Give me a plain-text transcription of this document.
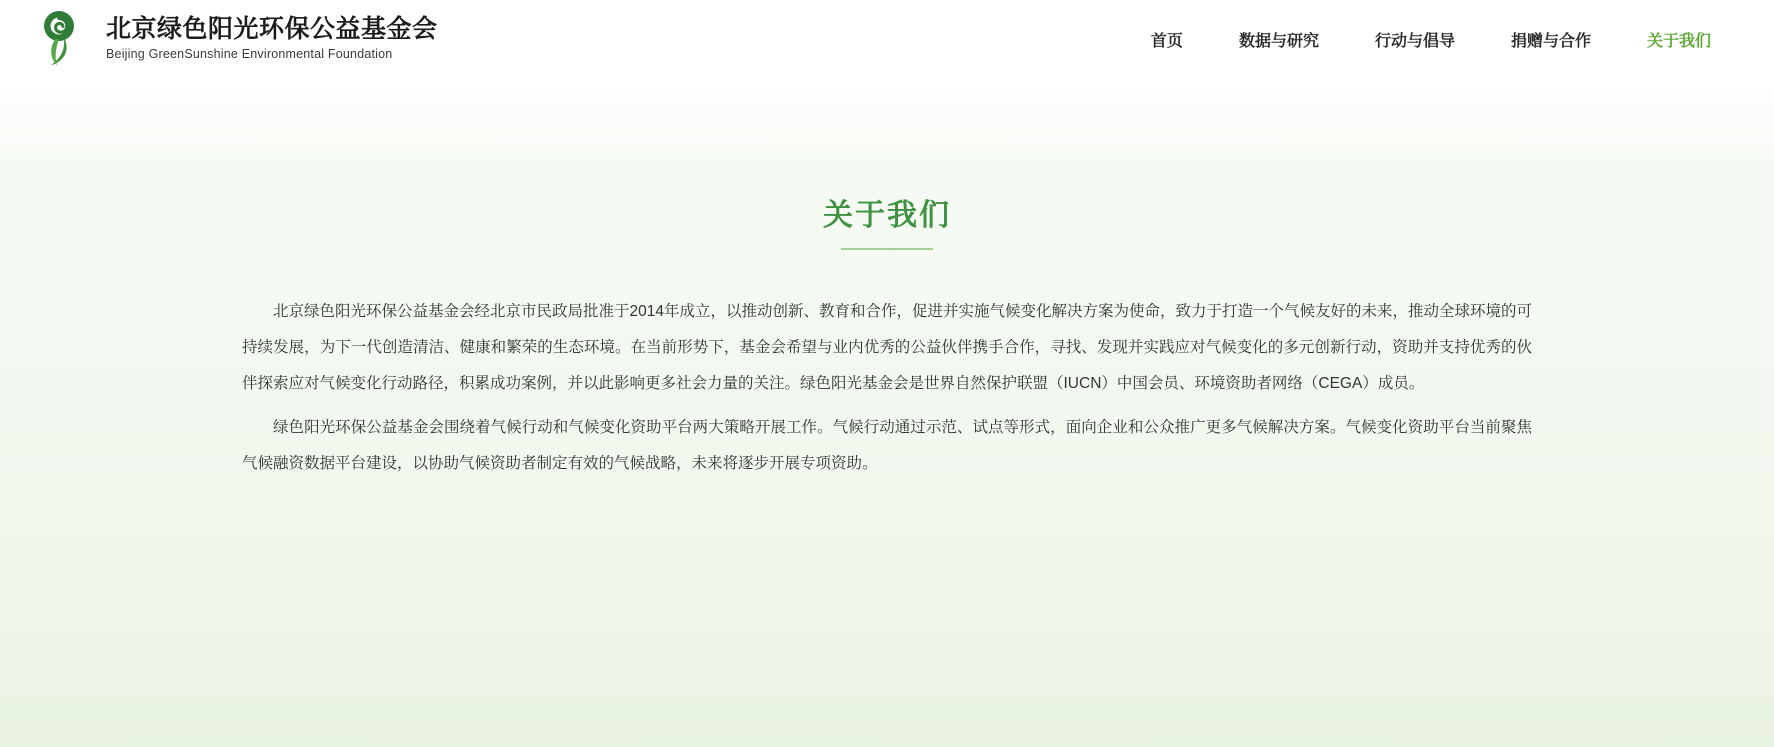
北京绿色阳光环保公益基金会
Beijing GreenSunshine Environmental Foundation
首页	数据与研究	行动与倡导	捐赠与合作	关于我们
关于我们

北京绿色阳光环保公益基金会经北京市民政局批准于2014年成立，以推动创新、教育和合作，促进并实施气候变化解决方案为使命，致力于打造一个气候友好的未来，推动全球环境的可持续发展，为下一代创造清洁、健康和繁荣的生态环境。在当前形势下，基金会希望与业内优秀的公益伙伴携手合作，寻找、发现并实践应对气候变化的多元创新行动，资助并支持优秀的伙伴探索应对气候变化行动路径，积累成功案例，并以此影响更多社会力量的关注。绿色阳光基金会是世界自然保护联盟（IUCN）中国会员、环境资助者网络（CEGA）成员。

绿色阳光环保公益基金会围绕着气候行动和气候变化资助平台两大策略开展工作。气候行动通过示范、试点等形式，面向企业和公众推广更多气候解决方案。气候变化资助平台当前聚焦气候融资数据平台建设，以协助气候资助者制定有效的气候战略，未来将逐步开展专项资助。
